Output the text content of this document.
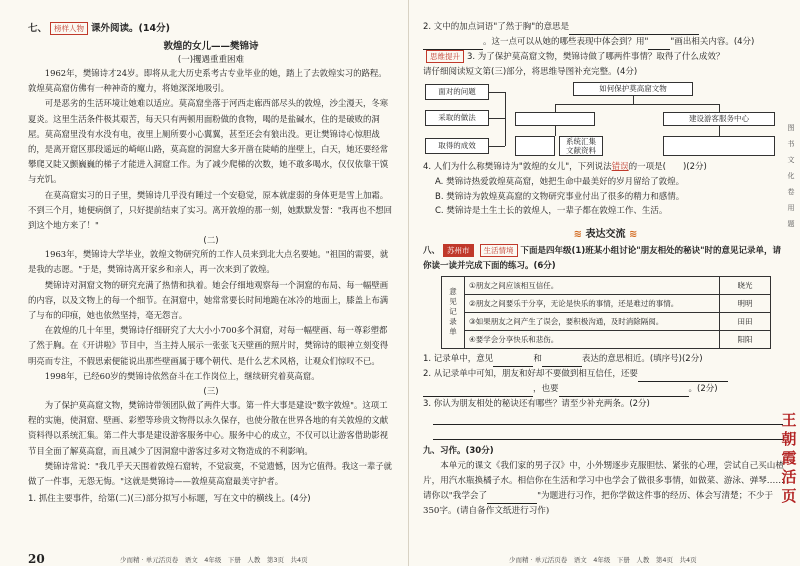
七、 榜样人物 课外阅读。(14分)
敦煌的女儿——樊锦诗
(一)攫遇重重困难

1962年，樊锦诗才24岁。即将从北大历史系考古专业毕业的她，踏上了去敦煌实习的路程。敦煌莫高窟仿佛有一种神奇的魔力，将她深深地吸引。

可是恶劣的生活环境让她难以适应。莫高窟坐落于河西走廊西部尽头的敦煌，沙尘漫天，冬寒夏炎。这里生活条件极其艰苦，每天只有两顿用面粉做的食物，喝的是盐碱水，住的是破败的洞屋。莫高窟里没有水没有电，夜里上厕所要小心翼翼，甚至还会有狼出没。更让樊锦诗心惊胆战的，是离开窟区那段遥远的崎岖山路，莫高窟的洞窟大多开凿在陡峭的崖壁上，白天，她还要经常攀爬又陡又颤巍巍的梯子才能进入洞窟工作。为了减少爬梯的次数，她不敢多喝水，仅仅依靠干馍与充饥。

在莫高窟实习的日子里，樊锦诗几乎没有睡过一个安稳觉，原本就虚弱的身体更是雪上加霜。不到三个月，她便病倒了，只好提前结束了实习。离开敦煌的那一刻，她默默发誓："我再也不想回到这个地方来了！"

(二)

1963年，樊锦诗大学毕业，敦煌文物研究所的工作人员来到北大点名要她。"祖国的需要，就是我的志愿。"于是，樊锦诗离开家乡和亲人，再一次来到了敦煌。

樊锦诗对洞窟文物的研究充满了热情和执着。她会仔细地观察每一个洞窟的布局、每一幅壁画的内容，以及文物上的每一个细节。在洞窟中，她常常要长时间地跪在冰冷的地面上，膝盖上布满了与布的印痕，她也依然坚持，毫无怨言。

在敦煌的几十年里，樊锦诗仔细研究了大大小小700多个洞窟，对每一幅壁画、每一尊彩塑都了然于胸。在《开讲啦》节目中，当主持人展示一张张飞天壁画的照片时，樊锦诗的眼神立刻变得明亮而专注，不假思索便能说出那些壁画属于哪个朝代、是什么艺术风格，让观众们惊叹不已。

1998年，已经60岁的樊锦诗依然奋斗在工作岗位上，继续研究着莫高窟。

(三)

为了保护莫高窟文物，樊锦诗带领团队做了两件大事。第一件大事是建设"数字敦煌"。这项工程的实施，使洞窟、壁画、彩塑等珍贵文物得以永久保存，也使分散在世界各地的有关敦煌的文献资料得以系统汇集。第二件大事是建设游客服务中心。服务中心的成立，不仅可以让游客借助影视节目全面了解莫高窟，而且减少了因洞窟中游客过多对文物造成的不利影响。

樊锦诗常说："我几乎天天围着敦煌石窟转，不觉寂寞，不觉遗憾，因为它值得。我这一辈子就做了一件事，无怨无悔。"这就是樊锦诗——敦煌莫高窟最美守护者。

1. 抓住主要事件，给第(二)(三)部分拟写小标题，写在文中的横线上。(4分)

20	少而精 · 单元活页卷　语文　4年级　下册　人教　第3页　共4页

2. 文中的加点词语"了然于胸"的意思是

。这一点可以从她的哪些表现中体会到？用"	"画出相关内容。(4分)

思维提升 3. 为了保护莫高窟文物，樊锦诗做了哪两件事情？取得了什么成效？

请仔细阅读短文第(三)部分，将思维导图补充完整。(4分)

面对的问题
采取的做法
取得的成效
如何保护莫高窟文物
建设游客服务中心
系统汇集
文献资料

4. 人们为什么称樊锦诗为"敦煌的女儿"，下列说法错误的一项是(　　)(2分)

A. 樊锦诗热爱敦煌莫高窟，她把生命中最美好的岁月留给了敦煌。

B. 樊锦诗为敦煌莫高窟的文物研究事业付出了很多的精力和感情。

C. 樊锦诗是土生土长的敦煌人，一辈子都在敦煌工作、生活。

≋ 表达交流 ≋

八、 苏州市 生活情境 下面是四年级(1)班某小组讨论"朋友相处的秘诀"时的意见记录单，请你读一读并完成下面的练习。(6分)

意见记录单	①朋友之间应该相互信任。	晓光
	②朋友之间要乐于分享，无论是快乐的事情，还是难过的事情。	明明
	③如果朋友之间产生了误会，要积极沟通，及时消除隔阂。	田田
	④要学会分享快乐和悲伤。	阳阳

1. 记录单中，意见	和	表达的意思相近。(填序号)(2分)

2. 从记录单中可知，朋友和好却不要做到相互信任，还要

，也要	。(2分)

3. 你认为朋友相处的秘诀还有哪些？请至少补充两条。(2分)

九、习作。(30分)

本单元的课文《我们家的男子汉》中，小外甥逐步克服胆怯、紧张的心理，尝试自己买山楂片，用汽水瓶换橘子水。相信你在生活和学习中也学会了做很多事情，如做菜、游泳、弹琴……请你以"我学会了	"为题进行习作，把你学做这件事的经历、体会写清楚；不少于350字。(请自备作文纸进行习作)

少而精 · 单元活页卷　语文　4年级　下册　人教　第4页　共4页
图
书
文
化
卷
用
题
王朝霞活页
